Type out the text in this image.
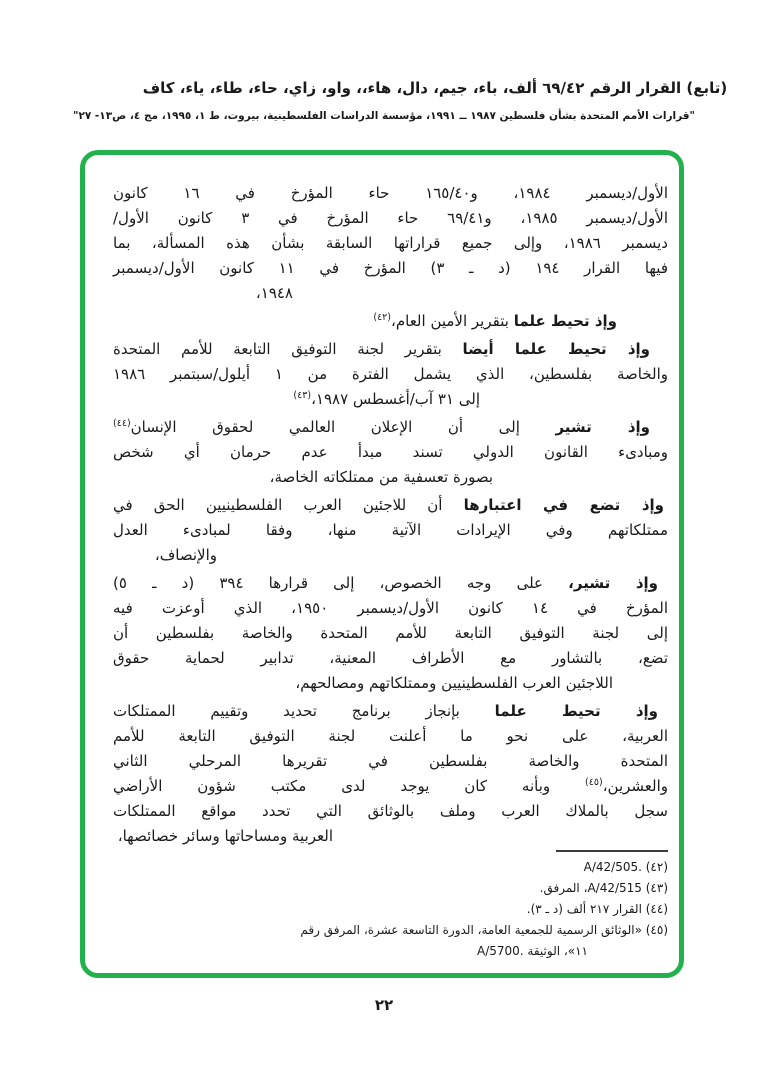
(تابع) القرار الرقم ٦٩/٤٢ ألف، باء، جيم، دال، هاء،، واو، زاي، حاء، طاء، ياء، كاف
"قرارات الأمم المتحدة بشأن فلسطين ١٩٨٧ ــ ١٩٩١، مؤسسة الدراسات الفلسطينية، بيروت، ط ١، ١٩٩٥، مج ٤، ص١٣- ٢٧"
الأول/ديسمبر ١٩٨٤، و١٦٥/٤٠ حاء المؤرخ في ١٦ كانون
الأول/ديسمبر ١٩٨٥، و٦٩/٤١ حاء المؤرخ في ٣ كانون الأول/
ديسمبر ١٩٨٦، وإلى جميع قراراتها السابقة بشأن هذه المسألة، بما
فيها القرار ١٩٤ (د ـ ٣) المؤرخ في ١١ كانون الأول/ديسمبر
١٩٤٨،
وإذ تحيط علما بتقرير الأمين العام،$^{(٤٢)}$
وإذ تحيط علما أيضا بتقرير لجنة التوفيق التابعة للأمم المتحدة
والخاصة بفلسطين، الذي يشمل الفترة من ١ أيلول/سبتمبر ١٩٨٦
إلى ٣١ آب/أغسطس ١٩٨٧،$^{(٤٣)}$
وإذ تشير إلى أن الإعلان العالمي لحقوق الإنسان$^{(٤٤)}$
ومبادىء القانون الدولي تسند مبدأ عدم حرمان أي شخص
بصورة تعسفية من ممتلكاته الخاصة،
وإذ تضع في اعتبارها أن للاجئين العرب الفلسطينيين الحق في
ممتلكاتهم وفي الإيرادات الآتية منها، وفقا لمبادىء العدل
والإنصاف،
وإذ تشير، على وجه الخصوص، إلى قرارها ٣٩٤ (د ـ ٥)
المؤرخ في ١٤ كانون الأول/ديسمبر ١٩٥٠، الذي أوعزت فيه
إلى لجنة التوفيق التابعة للأمم المتحدة والخاصة بفلسطين أن
تضع، بالتشاور مع الأطراف المعنية، تدابير لحماية حقوق
اللاجئين العرب الفلسطينيين وممتلكاتهم ومصالحهم،
وإذ تحيط علما بإنجاز برنامج تحديد وتقييم الممتلكات
العربية، على نحو ما أعلنت لجنة التوفيق التابعة للأمم
المتحدة والخاصة بفلسطين في تقريرها المرحلي الثاني
والعشرين،$^{(٤٥)}$ وبأنه كان يوجد لدى مكتب شؤون الأراضي
سجل بالملاك العرب وملف بالوثائق التي تحدد مواقع الممتلكات
العربية ومساحاتها وسائر خصائصها،
(٤٢) A/42/505.
(٤٣) A/42/515، المرفق.
(٤٤) القرار ٢١٧ ألف (د ـ ٣).
(٤٥) «الوثائق الرسمية للجمعية العامة، الدورة التاسعة عشرة، المرفق رقم
١١»، الوثيقة A/5700.
٢٢
